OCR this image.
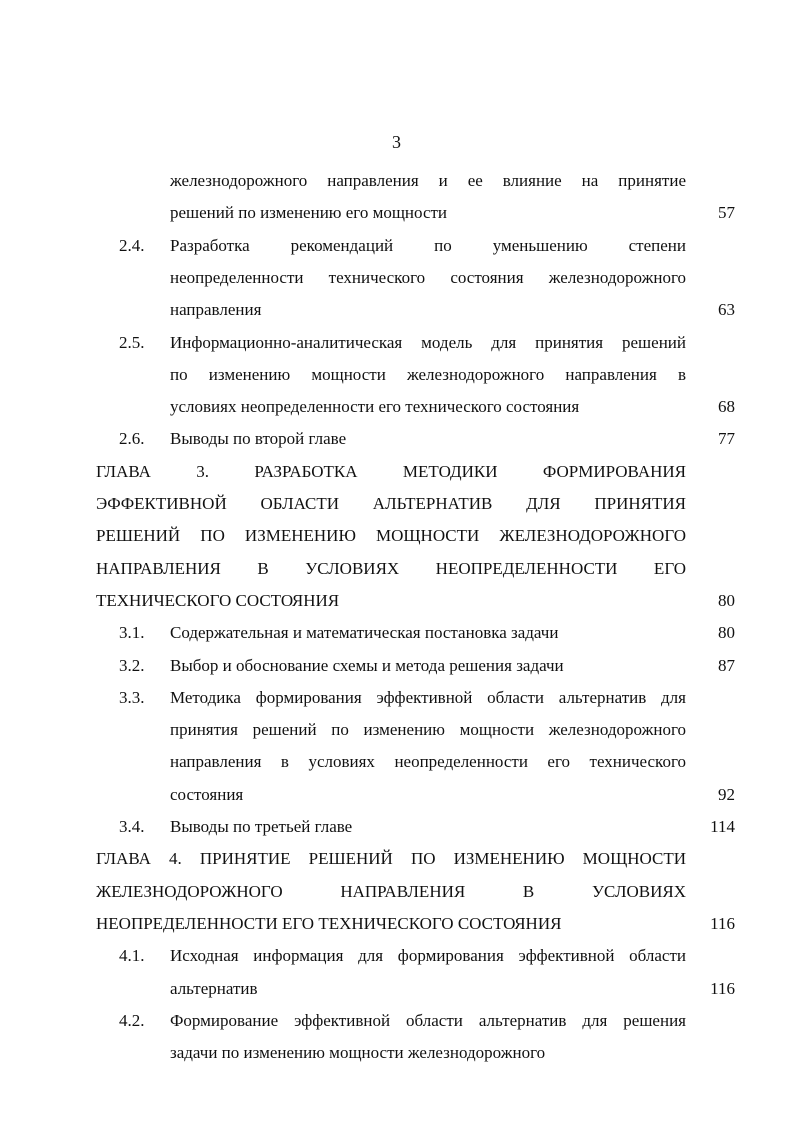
3
железнодорожного направления и ее влияние на принятие
решений по изменению его мощности	57
2.4. Разработка рекомендаций по уменьшению степени
неопределенности технического состояния железнодорожного
направления	63
2.5. Информационно-аналитическая модель для принятия решений
по изменению мощности железнодорожного направления в
условиях неопределенности его технического состояния	68
2.6. Выводы по второй главе	77
ГЛАВА 3. РАЗРАБОТКА МЕТОДИКИ ФОРМИРОВАНИЯ
ЭФФЕКТИВНОЙ ОБЛАСТИ АЛЬТЕРНАТИВ ДЛЯ ПРИНЯТИЯ
РЕШЕНИЙ ПО ИЗМЕНЕНИЮ МОЩНОСТИ ЖЕЛЕЗНОДОРОЖНОГО
НАПРАВЛЕНИЯ В УСЛОВИЯХ НЕОПРЕДЕЛЕННОСТИ ЕГО
ТЕХНИЧЕСКОГО СОСТОЯНИЯ	80
3.1. Содержательная и математическая постановка задачи	80
3.2. Выбор и обоснование схемы и метода решения задачи	87
3.3. Методика формирования эффективной области альтернатив для
принятия решений по изменению мощности железнодорожного
направления в условиях неопределенности его технического
состояния	92
3.4. Выводы по третьей главе	114
ГЛАВА 4. ПРИНЯТИЕ РЕШЕНИЙ ПО ИЗМЕНЕНИЮ МОЩНОСТИ
ЖЕЛЕЗНОДОРОЖНОГО НАПРАВЛЕНИЯ В УСЛОВИЯХ
НЕОПРЕДЕЛЕННОСТИ ЕГО ТЕХНИЧЕСКОГО СОСТОЯНИЯ	116
4.1. Исходная информация для формирования эффективной области
альтернатив	116
4.2. Формирование эффективной области альтернатив для решения
задачи по изменению мощности железнодорожного
